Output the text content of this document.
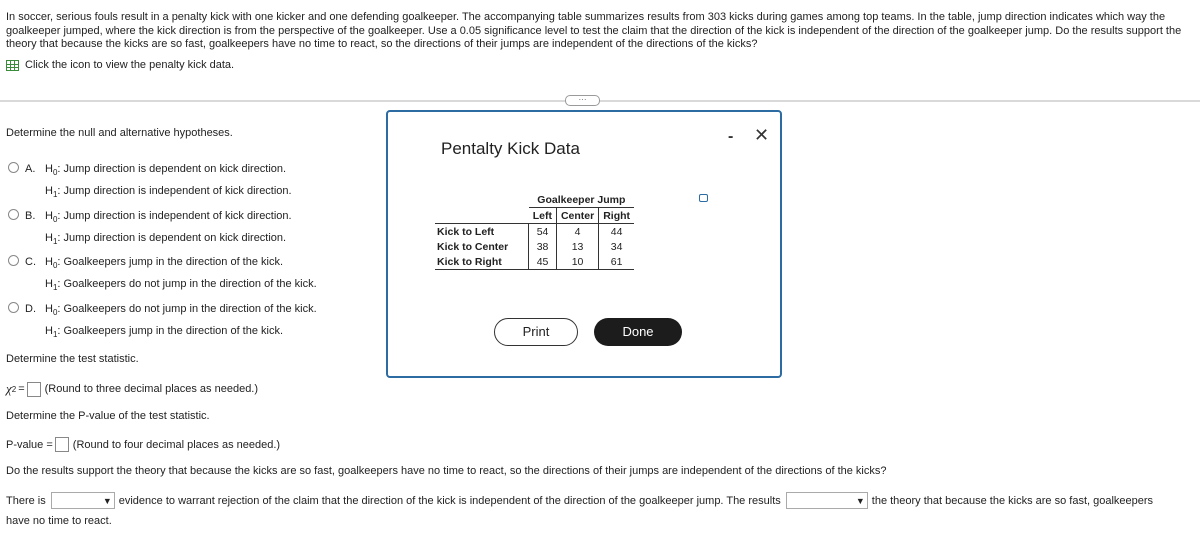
In soccer, serious fouls result in a penalty kick with one kicker and one defending goalkeeper. The accompanying table summarizes results from 303 kicks during games among top teams. In the table, jump direction indicates which way the goalkeeper jumped, where the kick direction is from the perspective of the goalkeeper. Use a 0.05 significance level to test the claim that the direction of the kick is independent of the direction of the goalkeeper jump. Do the results support the theory that because the kicks are so fast, goalkeepers have no time to react, so the directions of their jumps are independent of the directions of the kicks?
Click the icon to view the penalty kick data.
···
Determine the null and alternative hypotheses.
A. $H_0$: Jump direction is dependent on kick direction.
$H_1$: Jump direction is independent of kick direction.
B. $H_0$: Jump direction is independent of kick direction.
$H_1$: Jump direction is dependent on kick direction.
C. $H_0$: Goalkeepers jump in the direction of the kick.
$H_1$: Goalkeepers do not jump in the direction of the kick.
D. $H_0$: Goalkeepers do not jump in the direction of the kick.
$H_1$: Goalkeepers jump in the direction of the kick.
Determine the test statistic.
χ 2 = (Round to three decimal places as needed.)
Determine the P-value of the test statistic.
P-value = (Round to four decimal places as needed.)
Do the results support the theory that because the kicks are so fast, goalkeepers have no time to react, so the directions of their jumps are independent of the directions of the kicks?
There is	▼ evidence to warrant rejection of the claim that the direction of the kick is independent of the direction of the goalkeeper jump. The results	▼ the theory that because the kicks are so fast, goalkeepers
have no time to react.
Pentalty Kick Data
- ✕
	Goalkeeper Jump		
	Left	Center	Right
Kick to Left	54	4	44
Kick to Center	38	13	34
Kick to Right	45	10	61
Print	Done
